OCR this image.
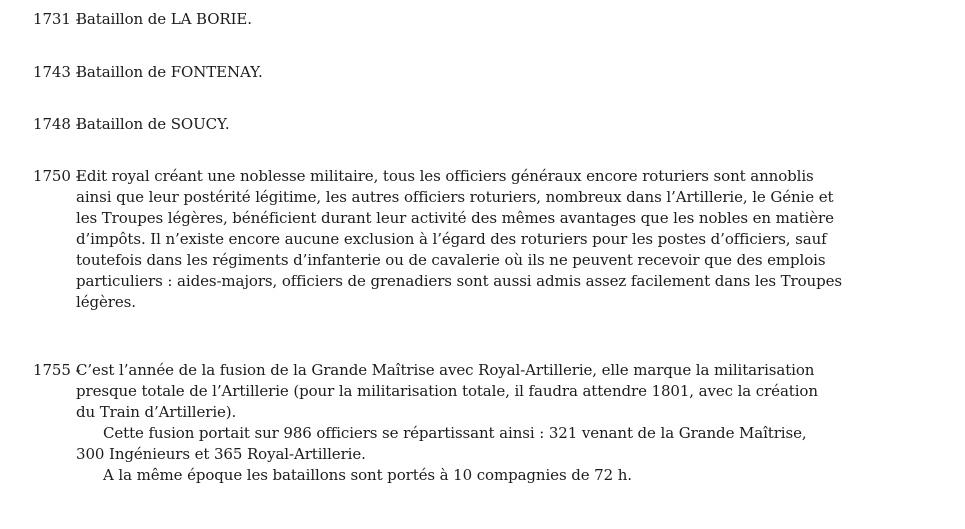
1731 -
Bataillon de LA BORIE.
1743 -
Bataillon de FONTENAY.
1748 -
Bataillon de SOUCY.
1750 -
Edit royal créant une noblesse militaire, tous les officiers généraux encore roturiers sont annoblis
ainsi que leur postérité légitime, les autres officiers roturiers, nombreux dans l’Artillerie, le Génie et
les Troupes légères, bénéficient durant leur activité des mêmes avantages que les nobles en matière
d’impôts. Il n’existe encore aucune exclusion à l’égard des roturiers pour les postes d’officiers, sauf
toutefois dans les régiments d’infanterie ou de cavalerie où ils ne peuvent recevoir que des emplois
particuliers : aides-majors, officiers de grenadiers sont aussi admis assez facilement dans les Troupes
légères.
1755 -
C’est l’année de la fusion de la Grande Maîtrise avec Royal-Artillerie, elle marque la militarisation
presque totale de l’Artillerie (pour la militarisation totale, il faudra attendre 1801, avec la création
du Train d’Artillerie).
Cette fusion portait sur 986 officiers se répartissant ainsi : 321 venant de la Grande Maîtrise,
300 Ingénieurs et 365 Royal-Artillerie.
A la même époque les bataillons sont portés à 10 compagnies de 72 h.
